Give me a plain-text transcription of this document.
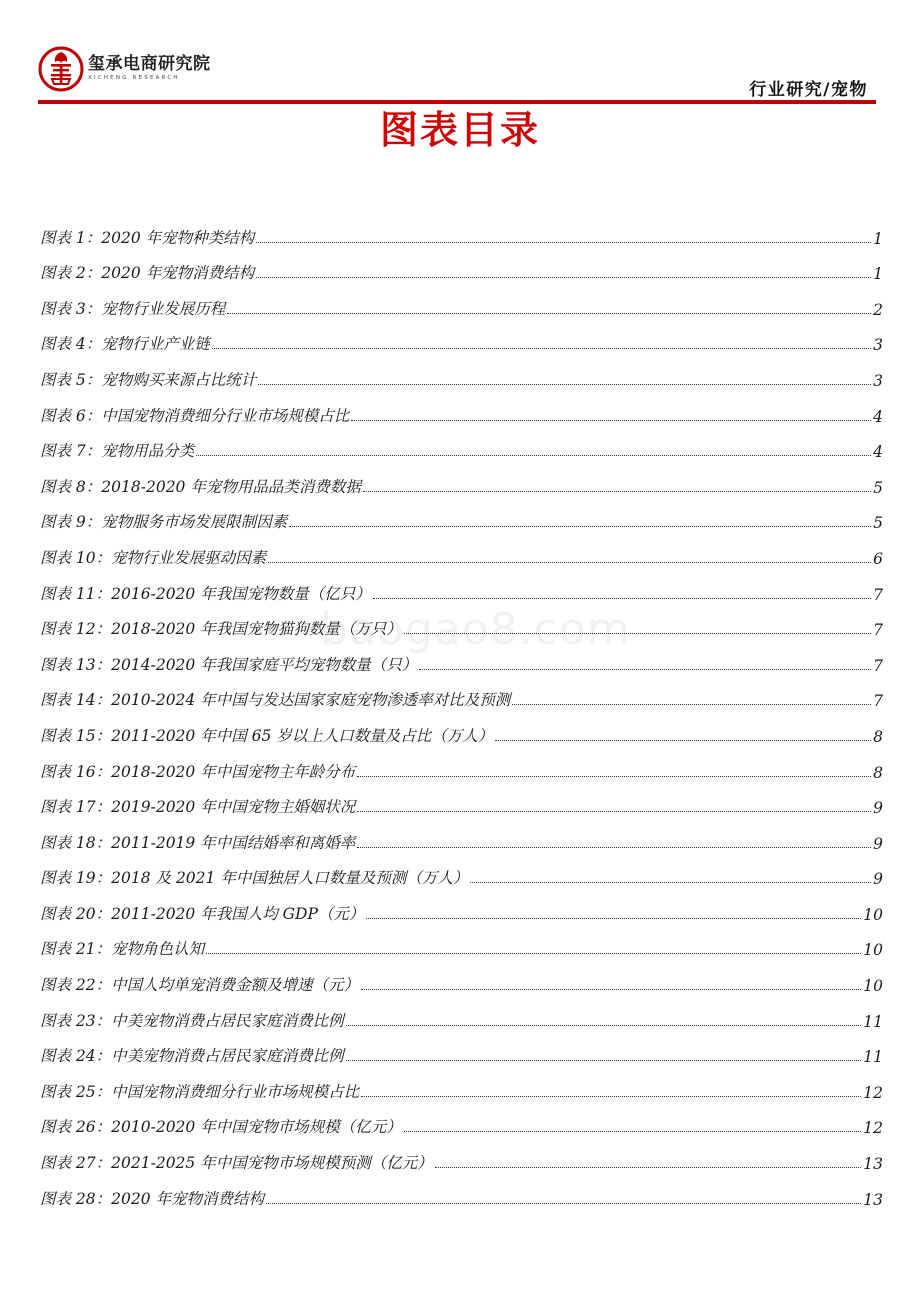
玺承电商研究院
XICHENG RESEARCH
行业研究/宠物
图表目录
baogao8.com
图表 1：2020 年宠物种类结构	1
图表 2：2020 年宠物消费结构	1
图表 3：宠物行业发展历程	2
图表 4：宠物行业产业链	3
图表 5：宠物购买来源占比统计	3
图表 6：中国宠物消费细分行业市场规模占比	4
图表 7：宠物用品分类	4
图表 8：2018-2020 年宠物用品品类消费数据	5
图表 9：宠物服务市场发展限制因素	5
图表 10：宠物行业发展驱动因素	6
图表 11：2016-2020 年我国宠物数量（亿只）	7
图表 12：2018-2020 年我国宠物猫狗数量（万只）	7
图表 13：2014-2020 年我国家庭平均宠物数量（只）	7
图表 14：2010-2024 年中国与发达国家家庭宠物渗透率对比及预测	7
图表 15：2011-2020 年中国 65 岁以上人口数量及占比（万人）	8
图表 16：2018-2020 年中国宠物主年龄分布	8
图表 17：2019-2020 年中国宠物主婚姻状况	9
图表 18：2011-2019 年中国结婚率和离婚率	9
图表 19：2018 及 2021 年中国独居人口数量及预测（万人）	9
图表 20：2011-2020 年我国人均 GDP（元）	10
图表 21：宠物角色认知	10
图表 22：中国人均单宠消费金额及增速（元）	10
图表 23：中美宠物消费占居民家庭消费比例	11
图表 24：中美宠物消费占居民家庭消费比例	11
图表 25：中国宠物消费细分行业市场规模占比	12
图表 26：2010-2020 年中国宠物市场规模（亿元）	12
图表 27：2021-2025 年中国宠物市场规模预测（亿元）	13
图表 28：2020 年宠物消费结构	13
